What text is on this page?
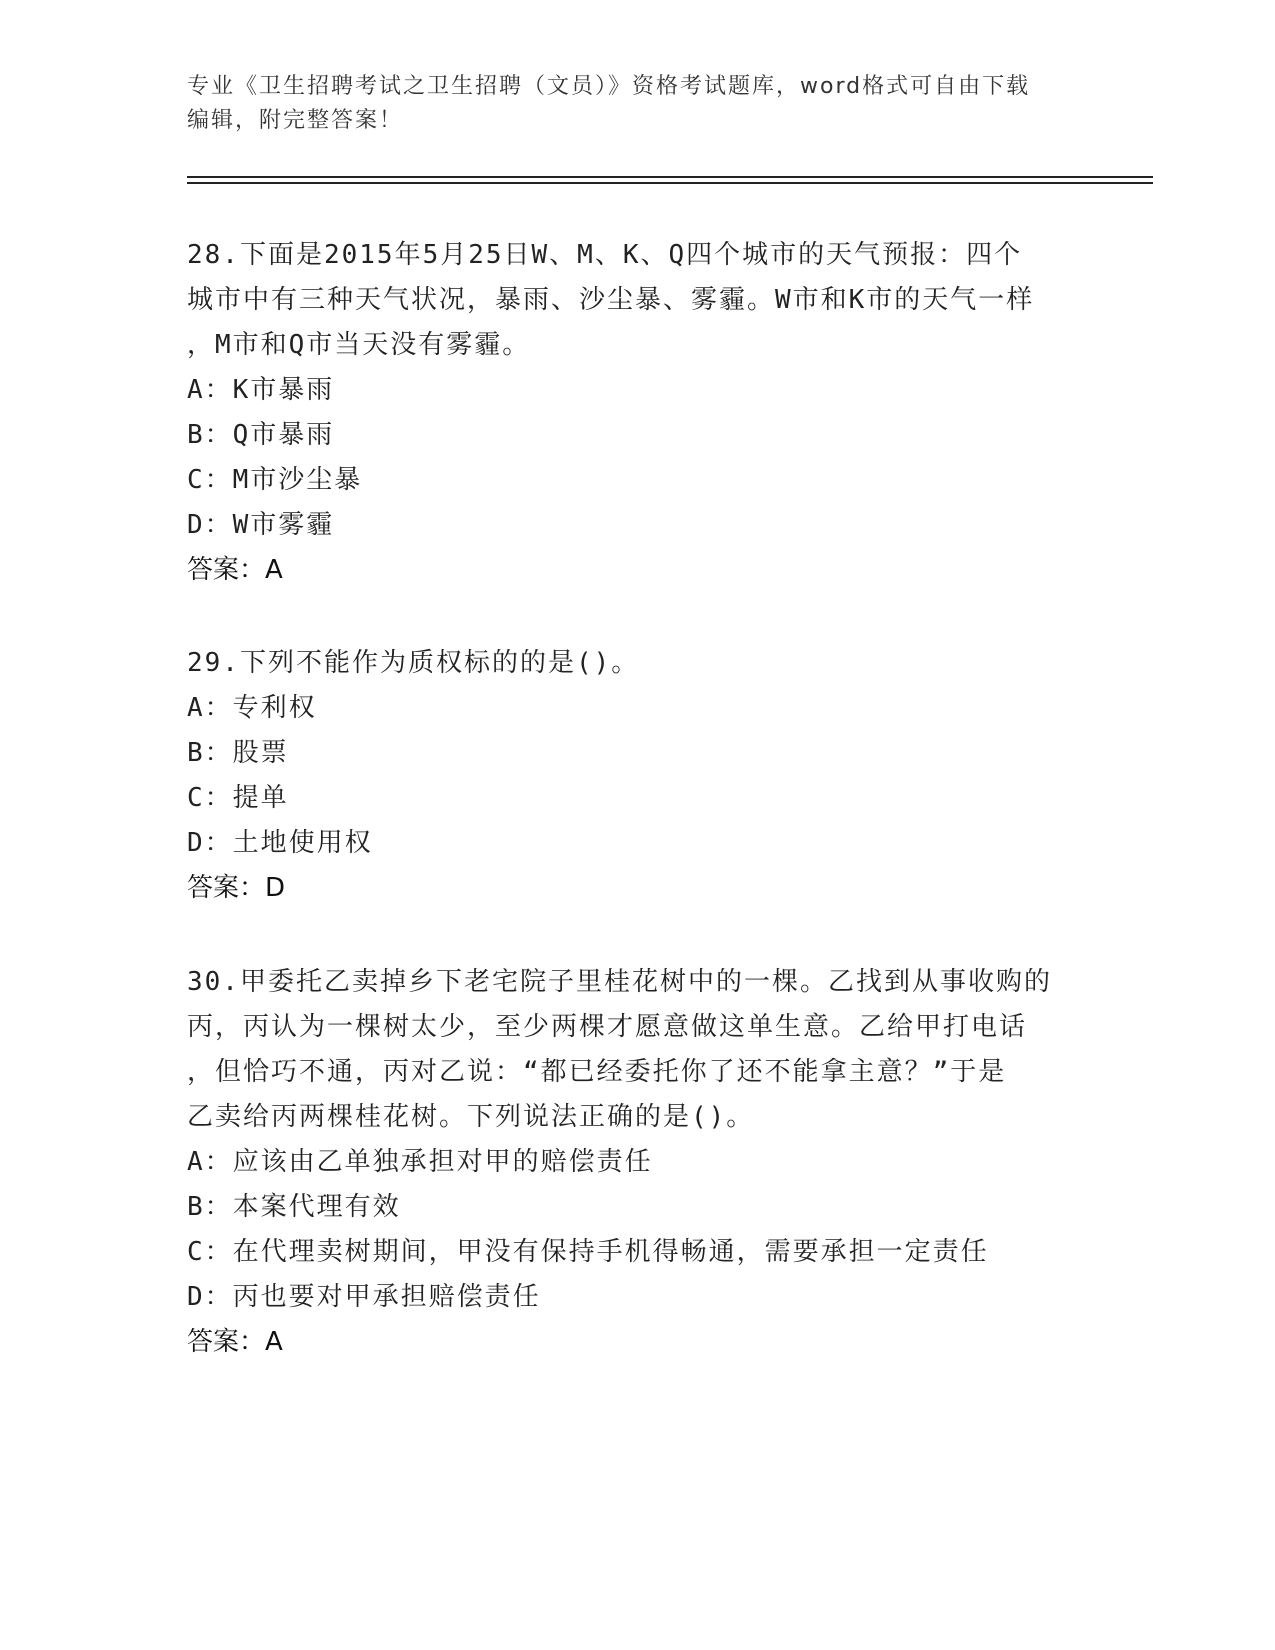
专业《卫生招聘考试之卫生招聘（文员）》资格考试题库，word格式可自由下载
编辑，附完整答案！
28.下面是2015年5月25日W、M、K、Q四个城市的天气预报：四个
城市中有三种天气状况，暴雨、沙尘暴、雾霾。W市和K市的天气一样
，M市和Q市当天没有雾霾。
A：K市暴雨
B：Q市暴雨
C：M市沙尘暴
D：W市雾霾
答案：A
29.下列不能作为质权标的的是()。
A：专利权
B：股票
C：提单
D：土地使用权
答案：D
30.甲委托乙卖掉乡下老宅院子里桂花树中的一棵。乙找到从事收购的
丙，丙认为一棵树太少，至少两棵才愿意做这单生意。乙给甲打电话
，但恰巧不通，丙对乙说：“都已经委托你了还不能拿主意？”于是
乙卖给丙两棵桂花树。下列说法正确的是()。
A：应该由乙单独承担对甲的赔偿责任
B：本案代理有效
C：在代理卖树期间，甲没有保持手机得畅通，需要承担一定责任
D：丙也要对甲承担赔偿责任
答案：A
